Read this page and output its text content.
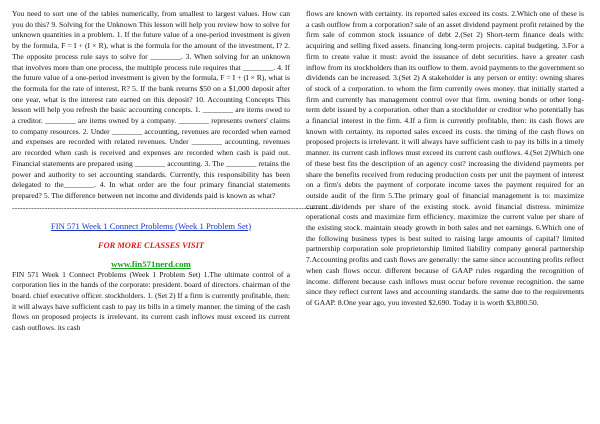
You need to sort one of the tables numerically, from smallest to largest values. How can you do this? 9. Solving for the Unknown This lesson will help you review how to solve for unknown quantities in a problem. 1. If the future value of a one-period investment is given by the formula, F = I + (I × R), what is the formula for the amount of the investment, I? 2. The opposite process rule says to solve for ________. 3. When solving for an unknown that involves more than one process, the multiple process rule requires that ________. 4. If the future value of a one-period investment is given by the formula, F = I + (I × R), what is the formula for the rate of interest, R? 5. If the bank returns $50 on a $1,000 deposit after one year, what is the interest rate earned on this deposit? 10. Accounting Concepts This lesson will help you refresh the basic accounting concepts. 1. ________ are items owed to a creditor. ________ are items owned by a company. ________ represents owners' claims to company resources. 2. Under ________ accounting, revenues are recorded when earned and expenses are recorded with related revenues. Under ________ accounting, revenues are recorded when cash is received and expenses are recorded when cash is paid out. Financial statements are prepared using ________ accounting. 3. The ________ retains the power and authority to set accounting standards. Currently, this responsibility has been delegated to the________. 4. In what order are the four primary financial statements prepared? 5. The difference between net income and dividends paid is known as what?

------------------------------------------------------------------------------------------------------------------------
FIN 571 Week 1 Connect Problems (Week 1 Problem Set)
FOR MORE CLASSES VISIT
www.fin571nerd.com

FIN 571 Week 1 Connect Problems (Week 1 Problem Set) 1.The ultimate control of a corporation lies in the hands of the corporate: president. board of directors. chairman of the board. chief executive officer. stockholders. 1. (Set 2) If a firm is currently profitable, then: it will always have sufficient cash to pay its bills in a timely manner. the timing of the cash flows on proposed projects is irrelevant. its current cash inflows must exceed its current cash outflows. its cash

flows are known with certainty. its reported sales exceed its costs. 2.Which one of these is a cash outflow from a corporation? sale of an asset dividend payment profit retained by the firm sale of common stock issuance of debt 2.(Set 2) Short-term finance deals with: acquiring and selling fixed assets. financing long-term projects. capital budgeting. 3.For a firm to create value it must: avoid the issuance of debt securities. have a greater cash inflow from its stockholders than its outflow to them. avoid payments to the government so dividends can be increased. 3.(Set 2) A stakeholder is any person or entity: owning shares of stock of a corporation. to whom the firm currently owes money. that initially started a firm and currently has management control over that firm. owning bonds or other long-term debt issued by a corporation. other than a stockholder or creditor who potentially has a financial interest in the firm. 4.If a firm is currently profitable, then: its cash flows are known with certainty. its reported sales exceed its costs. the timing of the cash flows on proposed projects is irrelevant. it will always have sufficient cash to pay its bills in a timely manner. its current cash inflows must exceed its current cash outflows. 4.(Set 2)Which one of these best fits the description of an agency cost? increasing the dividend payments per share the benefits received from reducing production costs per unit the payment of interest on a firm's debts the payment of corporate income taxes the payment required for an outside audit of the firm 5.The primary goal of financial management is to: maximize current dividends per share of the existing stock. avoid financial distress. minimize operational costs and maximize firm efficiency. maximize the current value per share of the existing stock. maintain steady growth in both sales and net earnings. 6.Which one of the following business types is best suited to raising large amounts of capital? limited partnership corporation sole proprietorship limited liability company general partnership 7.Accounting profits and cash flows are generally: the same since accounting profits reflect when cash flows occur. different because of GAAP rules regarding the recognition of income. different because cash inflows must occur before revenue recognition. the same since they reflect current laws and accounting standards. the same due to the requirements of GAAP. 8.One year ago, you invested $2,690. Today it is worth $3,800.50.
